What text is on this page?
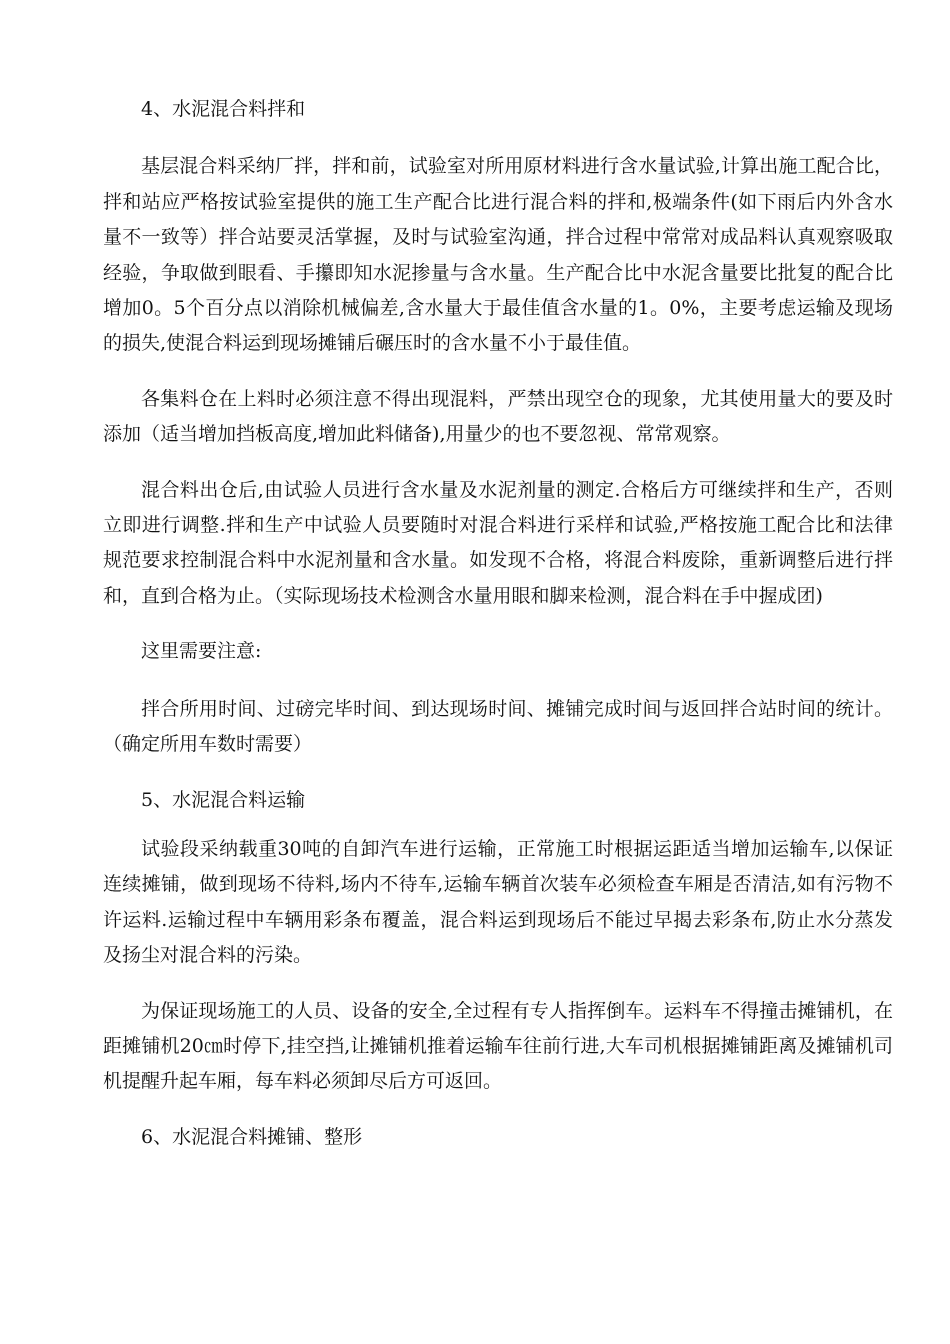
4、水泥混合料拌和

基层混合料采纳厂拌，拌和前，试验室对所用原材料进行含水量试验,计算出施工配合比，拌和站应严格按试验室提供的施工生产配合比进行混合料的拌和,极端条件(如下雨后内外含水量不一致等）拌合站要灵活掌握，及时与试验室沟通，拌合过程中常常对成品料认真观察吸取经验，争取做到眼看、手攥即知水泥掺量与含水量。生产配合比中水泥含量要比批复的配合比增加0。5个百分点以消除机械偏差,含水量大于最佳值含水量的1。0%，主要考虑运输及现场的损失,使混合料运到现场摊铺后碾压时的含水量不小于最佳值。

各集料仓在上料时必须注意不得出现混料，严禁出现空仓的现象，尤其使用量大的要及时添加（适当增加挡板高度,增加此料储备),用量少的也不要忽视、常常观察。

混合料出仓后,由试验人员进行含水量及水泥剂量的测定.合格后方可继续拌和生产，否则立即进行调整.拌和生产中试验人员要随时对混合料进行采样和试验,严格按施工配合比和法律规范要求控制混合料中水泥剂量和含水量。如发现不合格，将混合料废除，重新调整后进行拌和，直到合格为止。（实际现场技术检测含水量用眼和脚来检测，混合料在手中握成团)

这里需要注意:

拌合所用时间、过磅完毕时间、到达现场时间、摊铺完成时间与返回拌合站时间的统计。（确定所用车数时需要）

5、水泥混合料运输

试验段采纳载重30吨的自卸汽车进行运输，正常施工时根据运距适当增加运输车,以保证连续摊铺，做到现场不待料,场内不待车,运输车辆首次装车必须检查车厢是否清洁,如有污物不许运料.运输过程中车辆用彩条布覆盖，混合料运到现场后不能过早揭去彩条布,防止水分蒸发及扬尘对混合料的污染。

为保证现场施工的人员、设备的安全,全过程有专人指挥倒车。运料车不得撞击摊铺机，在距摊铺机20㎝时停下,挂空挡,让摊铺机推着运输车往前行进,大车司机根据摊铺距离及摊铺机司机提醒升起车厢，每车料必须卸尽后方可返回。

6、水泥混合料摊铺、整形
